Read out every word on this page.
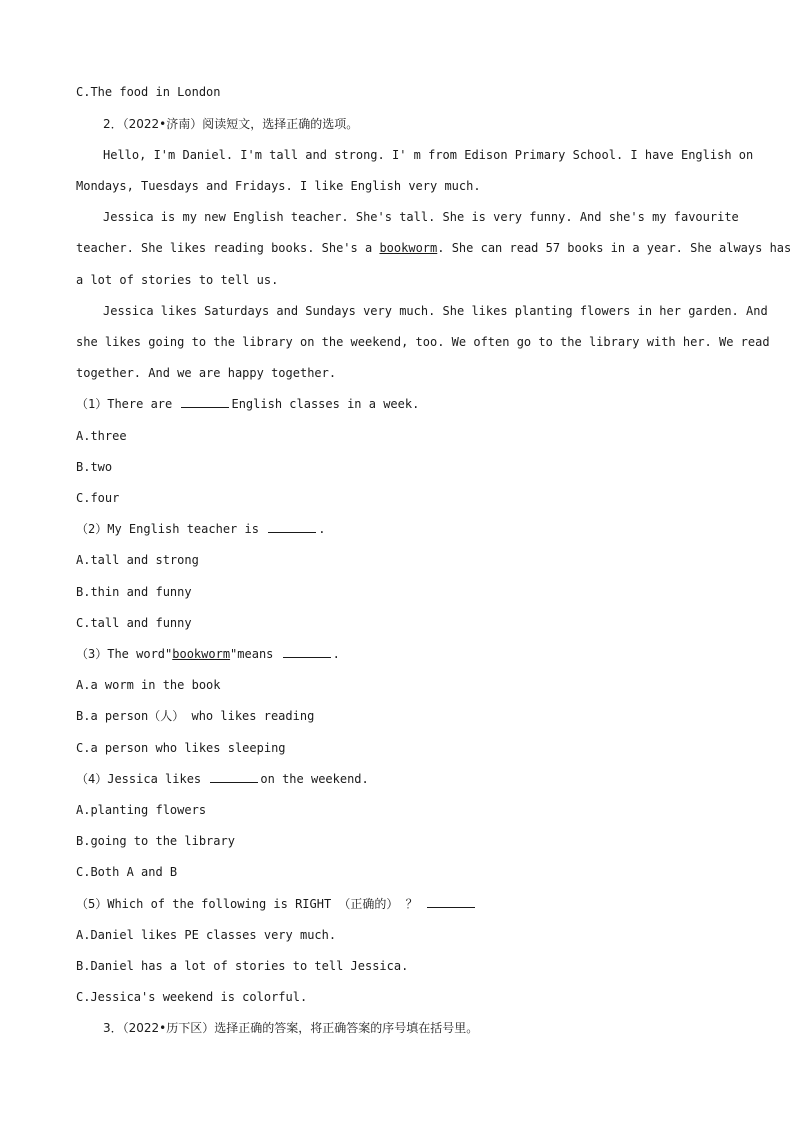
C.The food in London
2．（2022•济南）阅读短文，选择正确的选项。
Hello, I'm Daniel. I'm tall and strong. I' m from Edison Primary School. I have English on
Mondays, Tuesdays and Fridays. I like English very much.
Jessica is my new English teacher. She's tall. She is very funny. And she's my favourite
teacher. She likes reading books. She's a bookworm. She can read 57 books in a year. She always has
a lot of stories to tell us.
Jessica likes Saturdays and Sundays very much. She likes planting flowers in her garden. And
she likes going to the library on the weekend, too. We often go to the library with her. We read
together. And we are happy together.
（1）There are	English classes in a week.
A.three
B.two
C.four
（2）My English teacher is	.
A.tall and strong
B.thin and funny
C.tall and funny
（3）The word"bookworm"means	.
A.a worm in the book
B.a person（人） who likes reading
C.a person who likes sleeping
（4）Jessica likes	on the weekend.
A.planting flowers
B.going to the library
C.Both A and B
（5）Which of the following is RIGHT （正确的） ？
A.Daniel likes PE classes very much.
B.Daniel has a lot of stories to tell Jessica.
C.Jessica's weekend is colorful.
3．（2022•历下区）选择正确的答案，将正确答案的序号填在括号里。
